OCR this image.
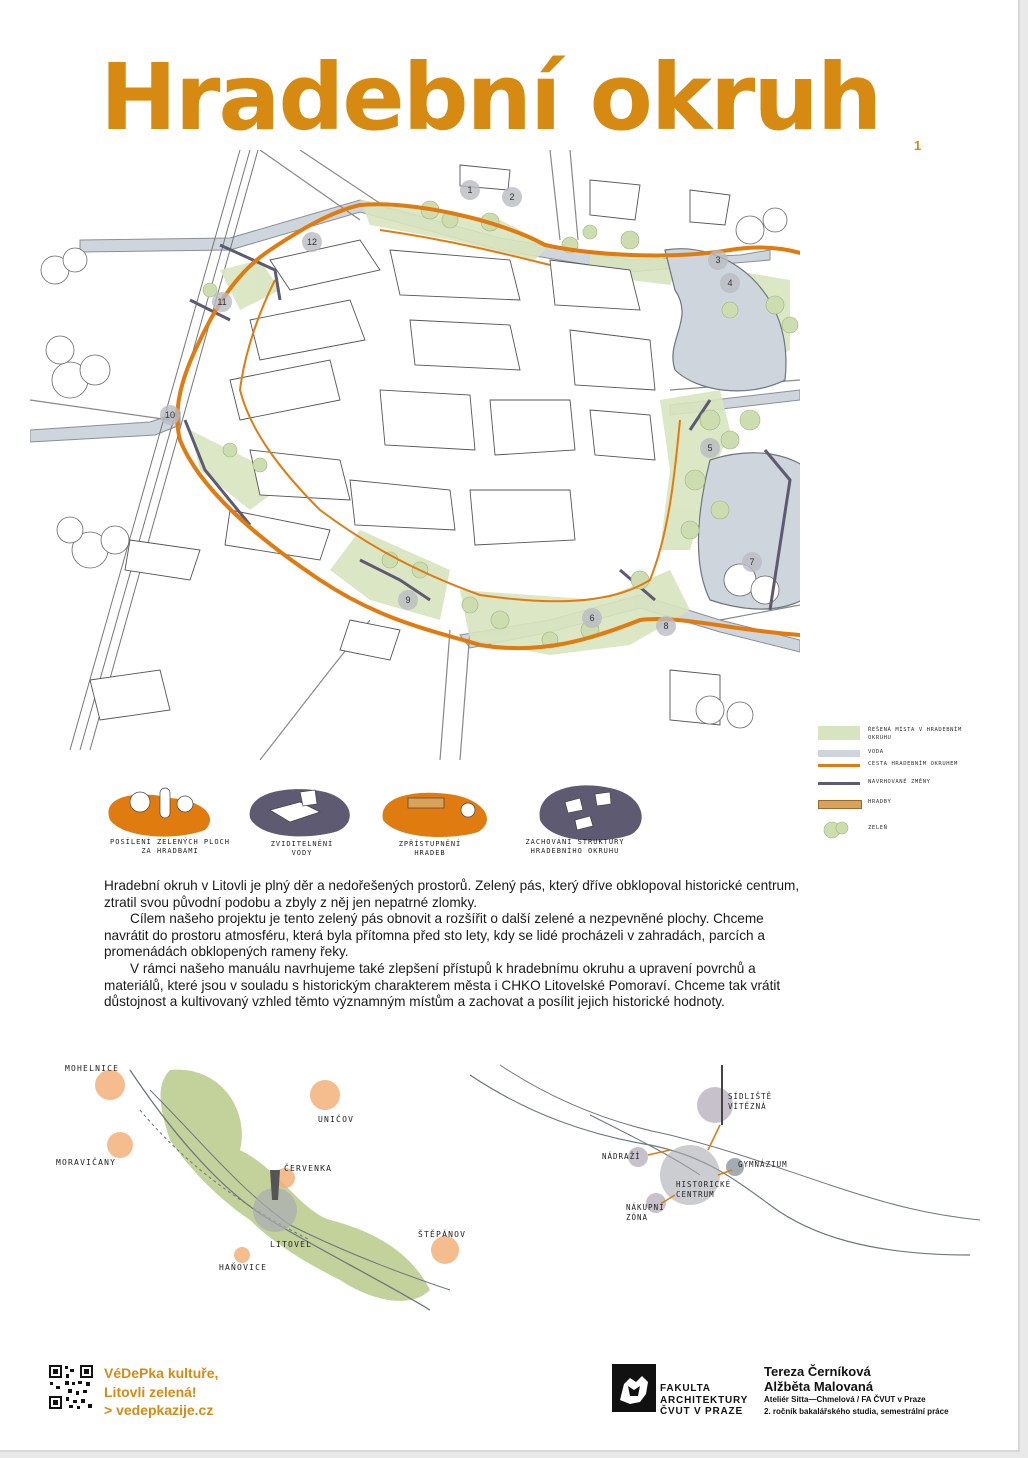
Hradební okruh	1
1
2
3
4
5
6
7
8
9
10
11
12
ŘEŠENÁ MÍSTA V HRADEBNÍM OKRUHU
VODA
CESTA HRADEBNÍM OKRUHEM
NAVRHOVANÉ ZMĚNY
HRADBY
ZELEŇ
POSÍLENÍ ZELENÝCH PLOCH
ZA HRADBAMI
ZVIDITELNĚNÍ
VODY
ZPŘÍSTUPNĚNÍ
HRADEB
ZACHOVÁNÍ STRUKTURY
HRADEBNÍHO OKRUHU

Hradební okruh v Litovli je plný děr a nedořešených prostorů. Zelený pás, který dříve obklopoval historické centrum, ztratil svou původní podobu a zbyly z něj jen nepatrné zlomky.

Cílem našeho projektu je tento zelený pás obnovit a rozšířit o další zelené a nezpevněné plochy. Chceme navrátit do prostoru atmosféru, která byla přítomna před sto lety, kdy se lidé procházeli v zahradách, parcích a promenádách obklopených rameny řeky.

V rámci našeho manuálu navrhujeme také zlepšení přístupů k hradebnímu okruhu a upravení povrchů a materiálů, které jsou v souladu s historickým charakterem města i CHKO Litovelské Pomoraví. Chceme tak vrátit důstojnost a kultivovaný vzhled těmto významným místům a zachovat a posílit jejich historické hodnoty.

MOHELNICE
UNIČOV
MORAVIČANY
ČERVENKA
LITOVEL
ŠTĚPÁNOV
HAŇOVICE
SÍDLIŠTĚ
VÍTĚZNÁ
NÁDRAŽÍ
GYMNÁZIUM
HISTORICKÉ
CENTRUM
NÁKUPNÍ
ZÓNA
VéDePka kultuře,
Litovli zelená!
> vedepkazije.cz
FAKULTA
ARCHITEKTURY
ČVUT V PRAZE
Tereza Černíková
Alžběta Malovaná
Ateliér Sitta—Chmelová / FA ČVUT v Praze
2. ročník bakalářského studia, semestrální práce
